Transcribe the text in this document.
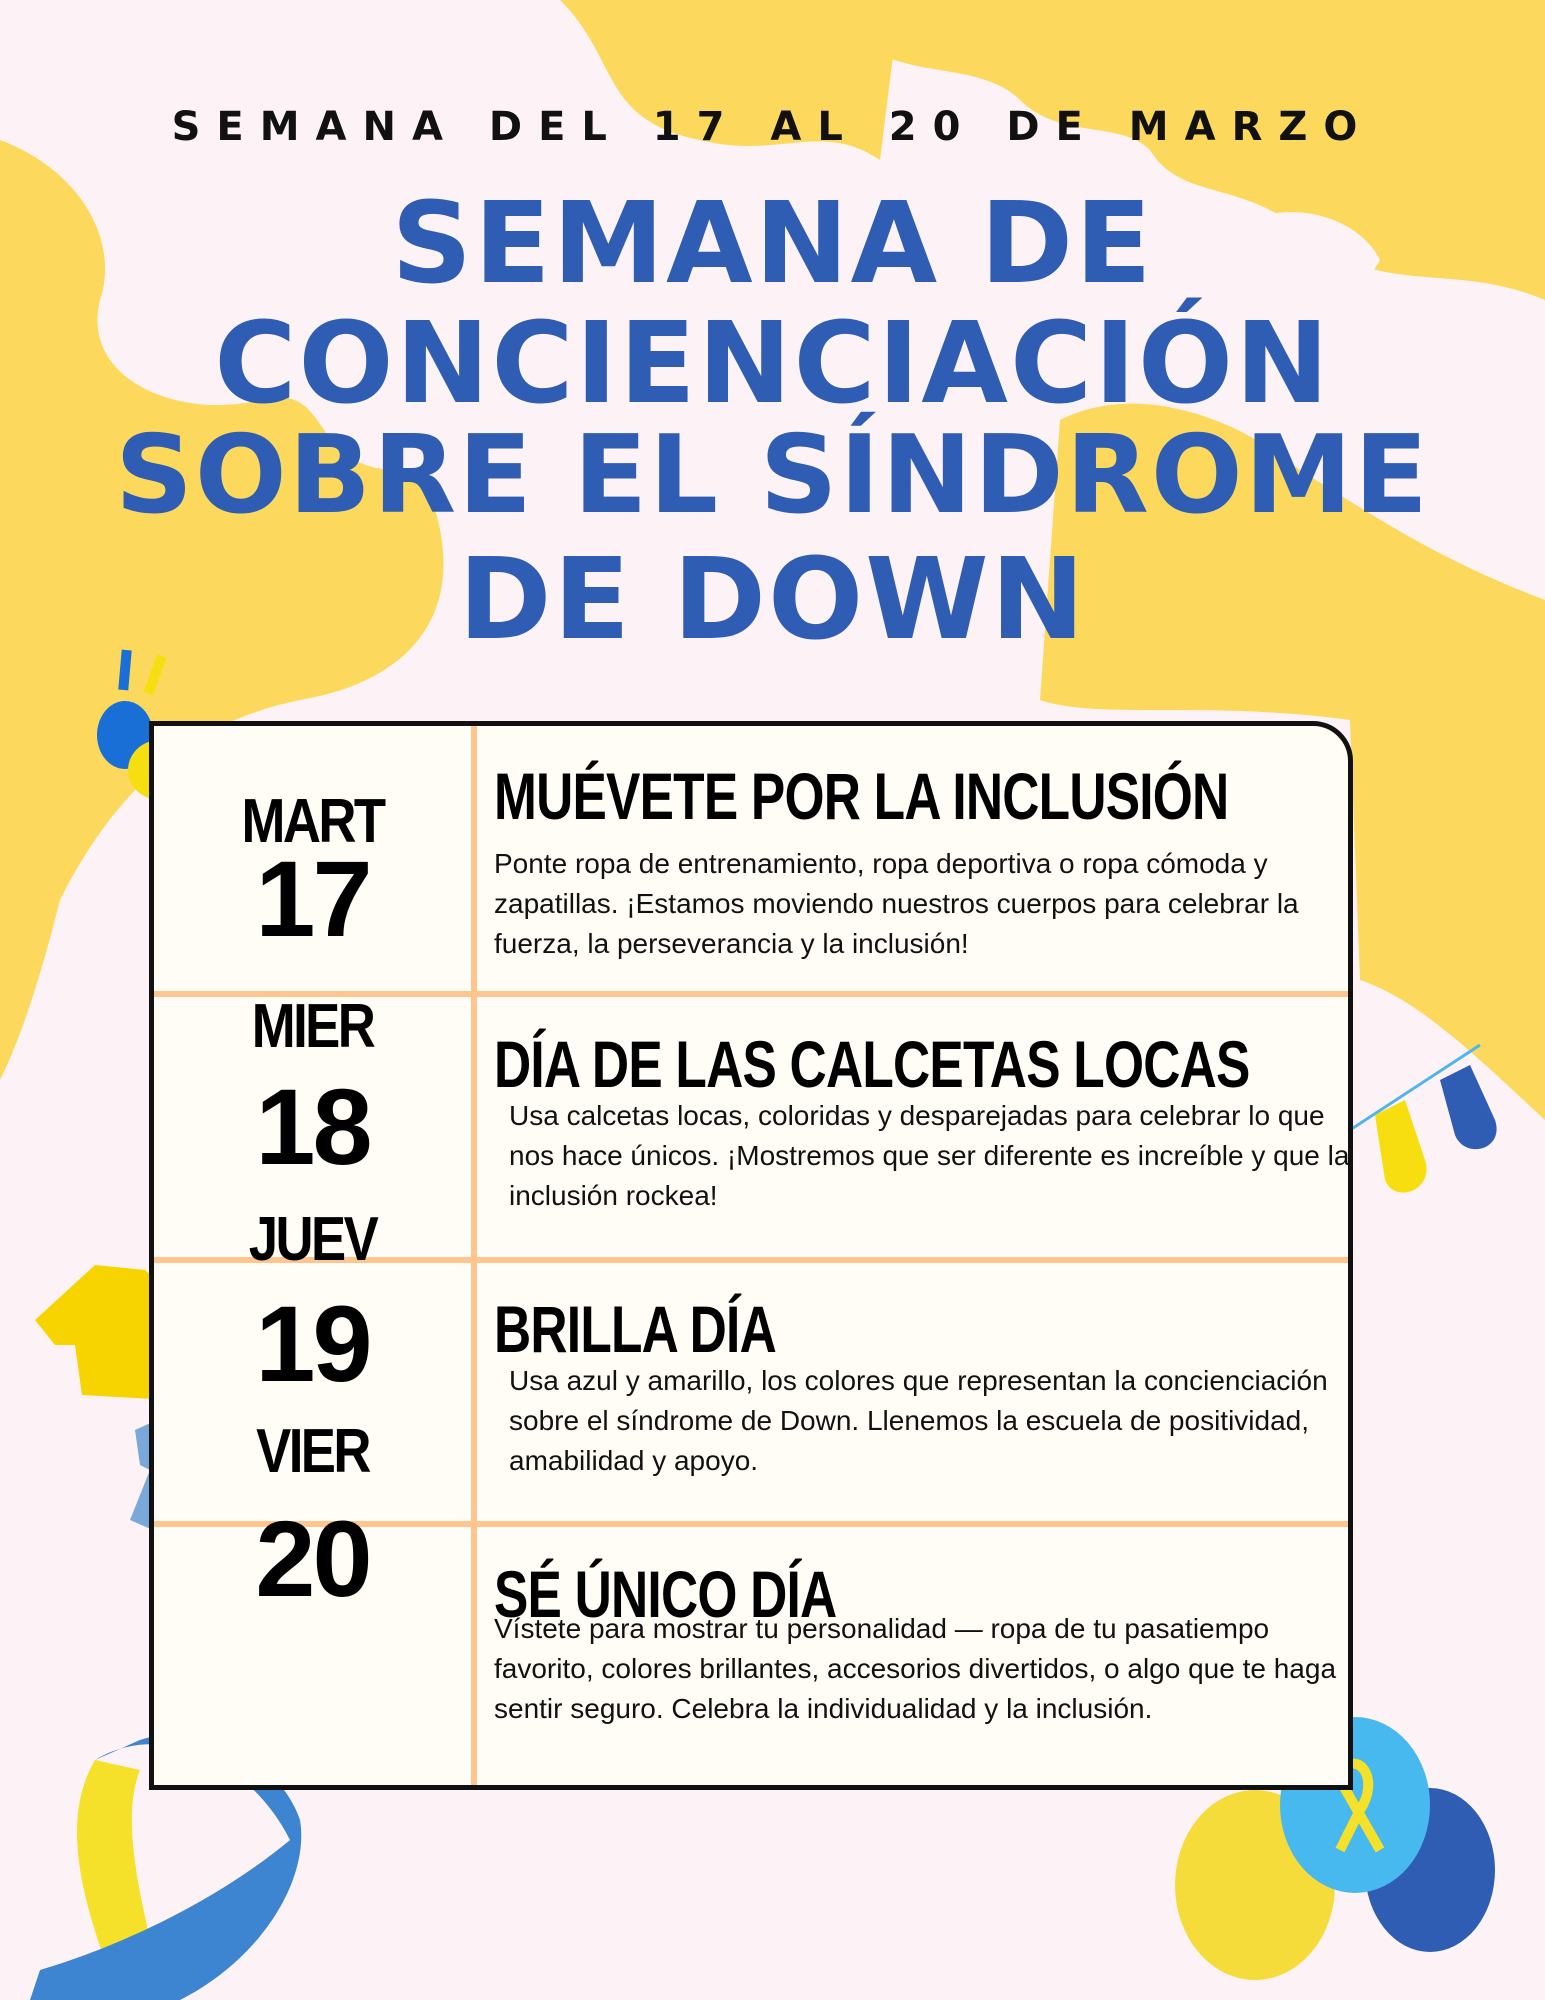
SEMANA DEL 17 AL 20 DE MARZO
SEMANA DE
CONCIENCIACIÓN
SOBRE EL SÍNDROME
DE DOWN
MART
17
MIER
18
JUEV
19
VIER
20
MUÉVETE POR LA INCLUSIÓN
Ponte ropa de entrenamiento, ropa deportiva o ropa cómoda y zapatillas. ¡Estamos moviendo nuestros cuerpos para celebrar la fuerza, la perseverancia y la inclusión!
DÍA DE LAS CALCETAS LOCAS
Usa calcetas locas, coloridas y desparejadas para celebrar lo que nos hace únicos. ¡Mostremos que ser diferente es increíble y que la inclusión rockea!
BRILLA DÍA
Usa azul y amarillo, los colores que representan la concienciación sobre el síndrome de Down. Llenemos la escuela de positividad, amabilidad y apoyo.
SÉ ÚNICO DÍA
Vístete para mostrar tu personalidad — ropa de tu pasatiempo favorito, colores brillantes, accesorios divertidos, o algo que te haga sentir seguro. Celebra la individualidad y la inclusión.
